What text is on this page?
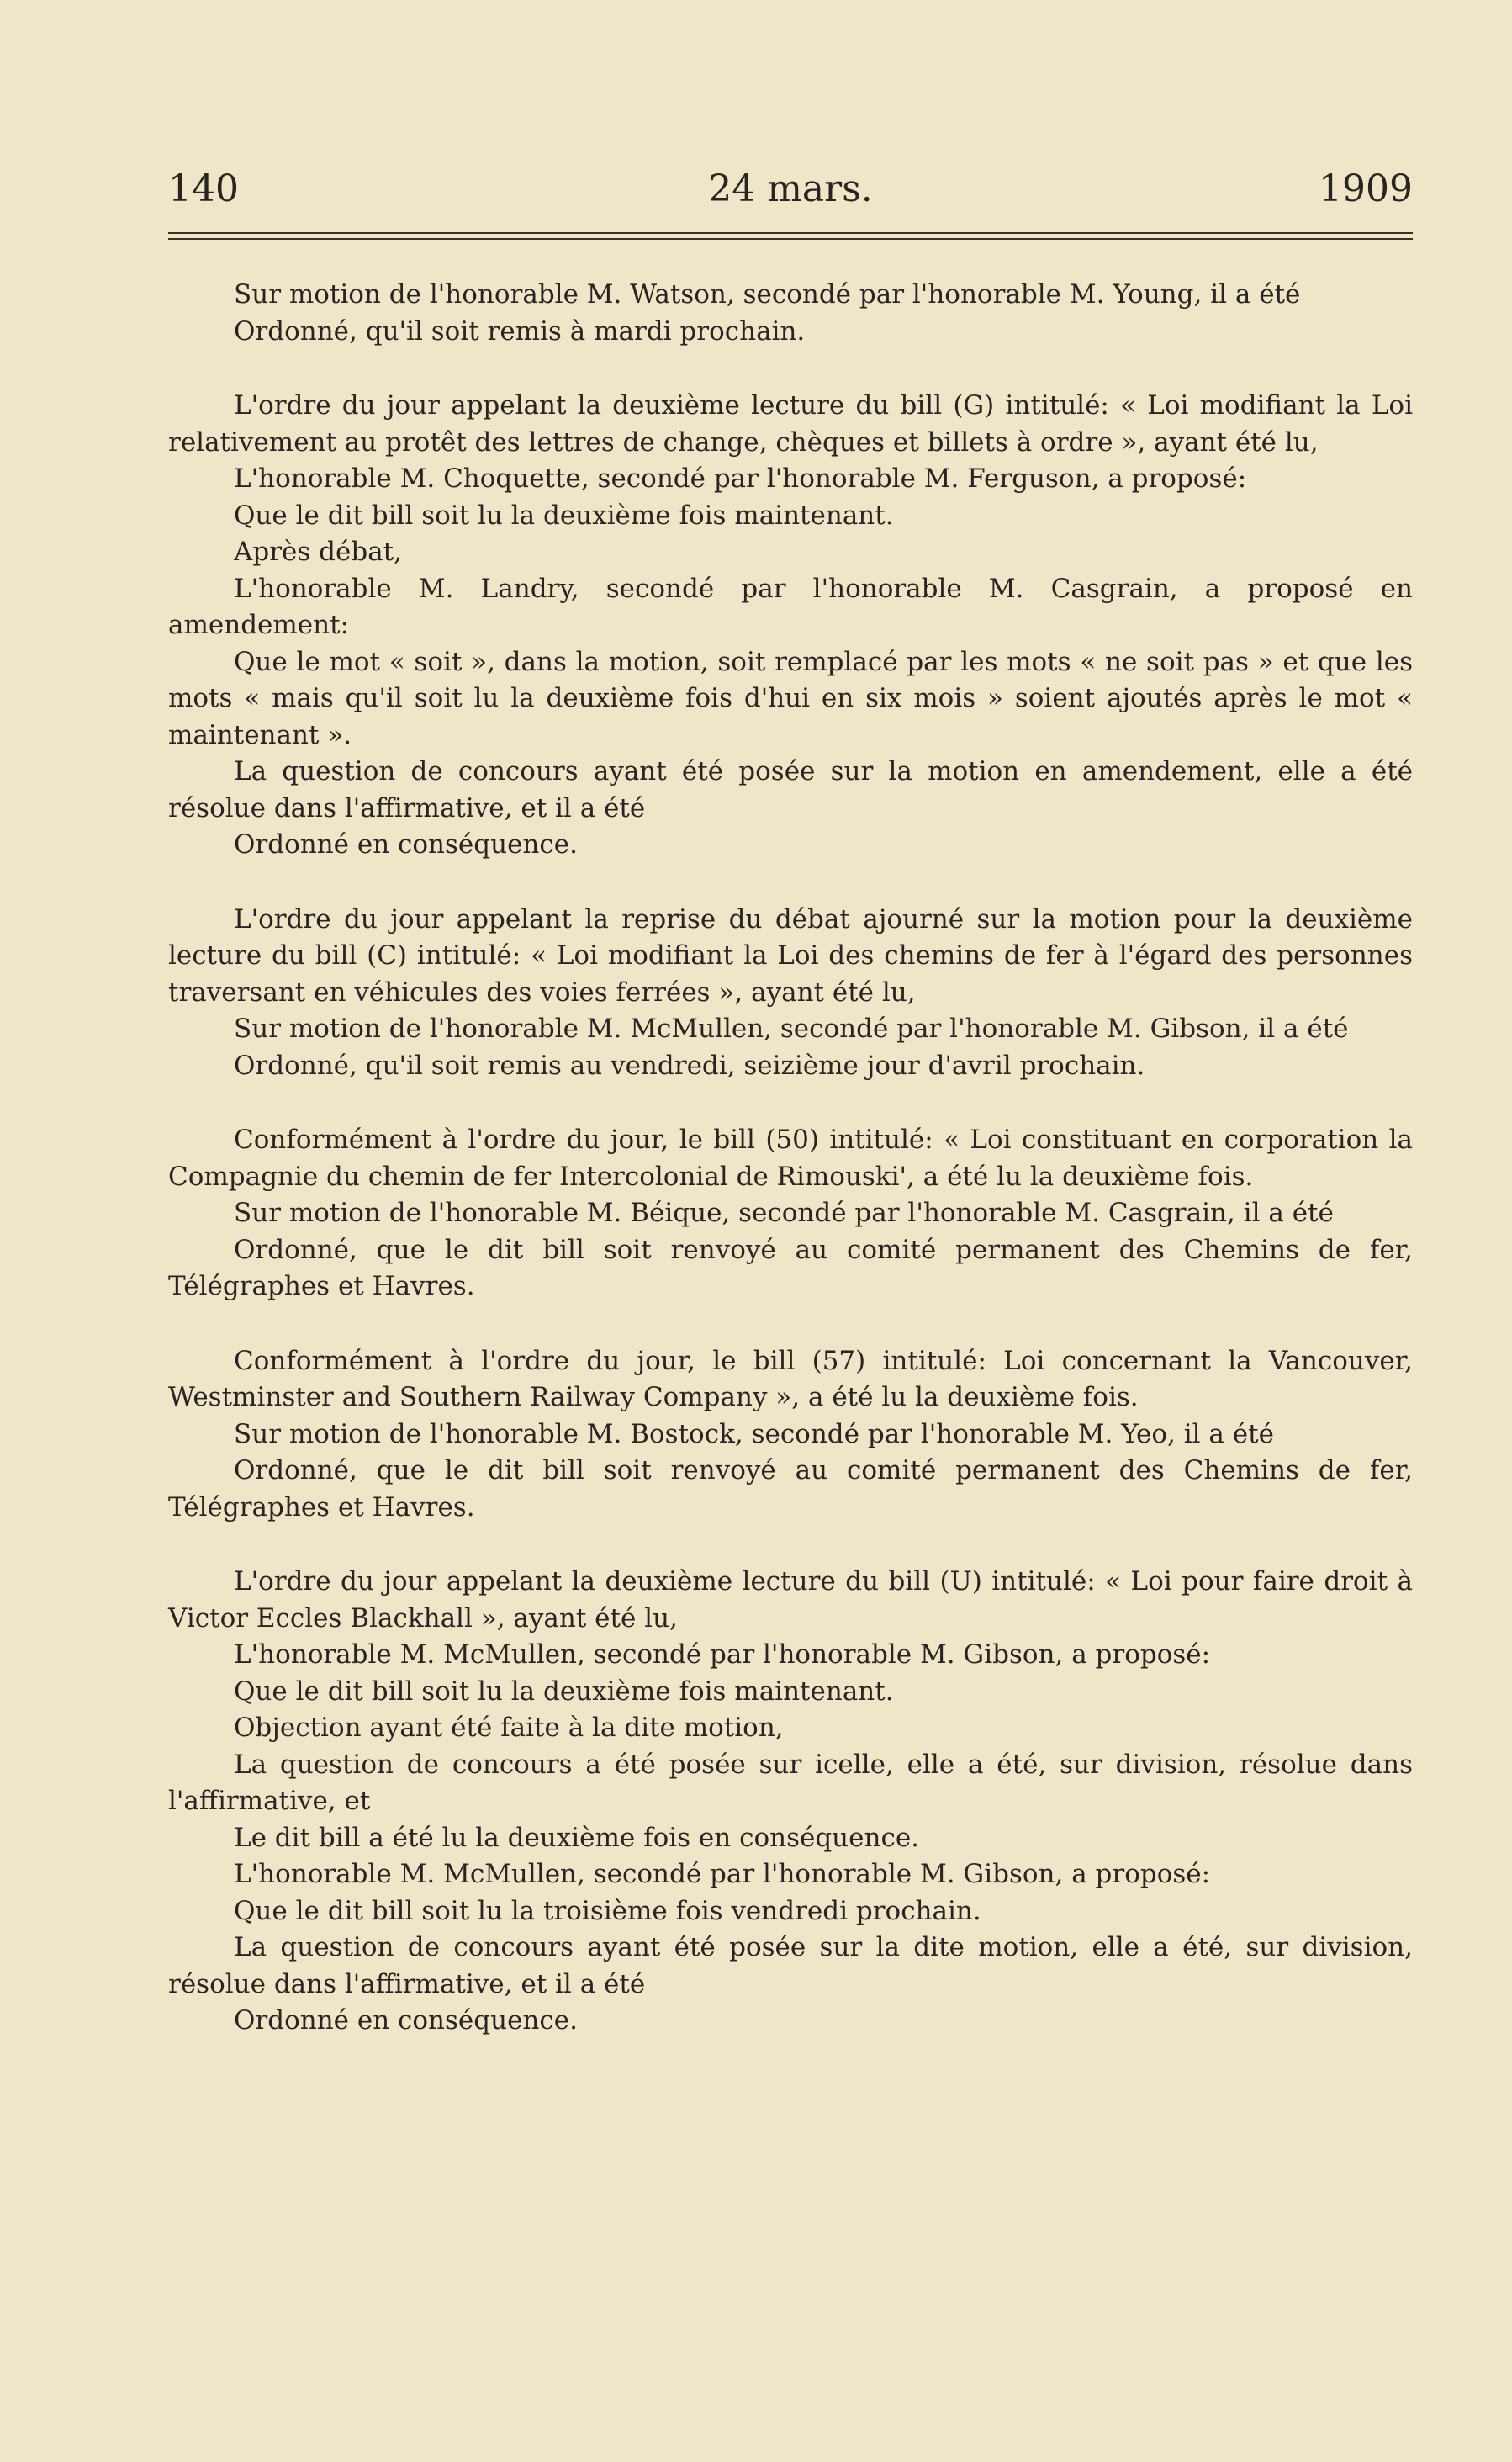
140	24 mars.	1909

Sur motion de l'honorable M. Watson, secondé par l'honorable M. Young, il a été

Ordonné, qu'il soit remis à mardi prochain.

L'ordre du jour appelant la deuxième lecture du bill (G) intitulé: « Loi modifiant la Loi relativement au protêt des lettres de change, chèques et billets à ordre », ayant été lu,

L'honorable M. Choquette, secondé par l'honorable M. Ferguson, a proposé:

Que le dit bill soit lu la deuxième fois maintenant.

Après débat,

L'honorable M. Landry, secondé par l'honorable M. Casgrain, a proposé en amendement:

Que le mot « soit », dans la motion, soit remplacé par les mots « ne soit pas » et que les mots « mais qu'il soit lu la deuxième fois d'hui en six mois » soient ajoutés après le mot « maintenant ».

La question de concours ayant été posée sur la motion en amendement, elle a été résolue dans l'affirmative, et il a été

Ordonné en conséquence.

L'ordre du jour appelant la reprise du débat ajourné sur la motion pour la deuxième lecture du bill (C) intitulé: « Loi modifiant la Loi des chemins de fer à l'égard des personnes traversant en véhicules des voies ferrées », ayant été lu,

Sur motion de l'honorable M. McMullen, secondé par l'honorable M. Gibson, il a été

Ordonné, qu'il soit remis au vendredi, seizième jour d'avril prochain.

Conformément à l'ordre du jour, le bill (50) intitulé: « Loi constituant en corporation la Compagnie du chemin de fer Intercolonial de Rimouski', a été lu la deuxième fois.

Sur motion de l'honorable M. Béique, secondé par l'honorable M. Casgrain, il a été

Ordonné, que le dit bill soit renvoyé au comité permanent des Chemins de fer, Télégraphes et Havres.

Conformément à l'ordre du jour, le bill (57) intitulé: Loi concernant la Vancouver, Westminster and Southern Railway Company », a été lu la deuxième fois.

Sur motion de l'honorable M. Bostock, secondé par l'honorable M. Yeo, il a été

Ordonné, que le dit bill soit renvoyé au comité permanent des Chemins de fer, Télégraphes et Havres.

L'ordre du jour appelant la deuxième lecture du bill (U) intitulé: « Loi pour faire droit à Victor Eccles Blackhall », ayant été lu,

L'honorable M. McMullen, secondé par l'honorable M. Gibson, a proposé:

Que le dit bill soit lu la deuxième fois maintenant.

Objection ayant été faite à la dite motion,

La question de concours a été posée sur icelle, elle a été, sur division, résolue dans l'affirmative, et

Le dit bill a été lu la deuxième fois en conséquence.

L'honorable M. McMullen, secondé par l'honorable M. Gibson, a proposé:

Que le dit bill soit lu la troisième fois vendredi prochain.

La question de concours ayant été posée sur la dite motion, elle a été, sur division, résolue dans l'affirmative, et il a été

Ordonné en conséquence.
